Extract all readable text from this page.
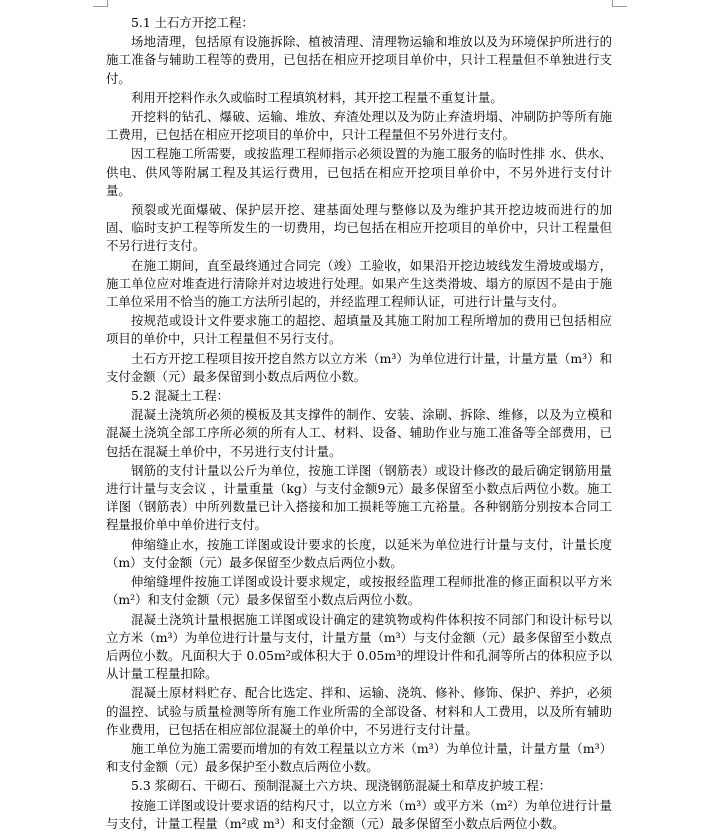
5.1 土石方开挖工程：

场地清理，包括原有设施拆除、植被清理、清理物运输和堆放以及为环境保护所进行的施工准备与辅助工程等的费用，已包括在相应开挖项目单价中，只计工程量但不单独进行支付。

利用开挖料作永久或临时工程填筑材料，其开挖工程量不重复计量。

开挖料的钻孔、爆破、运输、堆放、弃渣处理以及为防止弃渣坍塌、冲刷防护等所有施工费用，已包括在相应开挖项目的单价中，只计工程量但不另外进行支付。

因工程施工所需要，或按监理工程师指示必须设置的为施工服务的临时性排 水、供水、供电、供风等附属工程及其运行费用，已包括在相应开挖项目单价中，不另外进行支付计量。

预裂或光面爆破、保护层开挖、建基面处理与整修以及为维护其开挖边坡而进行的加固、临时支护工程等所发生的一切费用，均已包括在相应开挖项目的单价中，只计工程量但不另行进行支付。

在施工期间，直至最终通过合同完（竣）工验收，如果沿开挖边坡线发生滑坡或塌方，施工单位应对堆查进行清除并对边坡进行处理。如果产生这类滑坡、塌方的原因不是由于施工单位采用不恰当的施工方法所引起的，并经监理工程师认证，可进行计量与支付。

按规范或设计文件要求施工的超挖、超填量及其施工附加工程所增加的费用已包括相应项目的单价中，只计工程量但不另行支付。

土石方开挖工程项目按开挖自然方以立方米（m³）为单位进行计量，计量方量（m³）和支付金额（元）最多保留到小数点后两位小数。

5.2 混凝土工程：

混凝土浇筑所必须的模板及其支撑件的制作、安装、涂刷、拆除、维修，以及为立模和混凝土浇筑全部工序所必须的所有人工、材料、设备、辅助作业与施工准备等全部费用，已包括在混凝土单价中，不另进行支付计量。

钢筋的支付计量以公斤为单位，按施工详图（钢筋表）或设计修改的最后确定钢筋用量进行计量与支会议 ，计量重量（kg）与支付金额9元）最多保留至小数点后两位小数。施工详图（钢筋表）中所列数量已计入搭接和加工损耗等施工亢裕量。各种钢筋分别按本合同工程量报价单中单价进行支付。

伸缩缝止水，按施工详图或设计要求的长度，以延米为单位进行计量与支付，计量长度（m）支付金额（元）最多保留至少数点后两位小数。

伸缩缝埋件按施工详图或设计要求规定，或按报经监理工程师批准的修正面积以平方米（m²）和支付金额（元）最多保留至小数点后两位小数。

混凝土浇筑计量根据施工详图或设计确定的建筑物或构件体积按不同部门和设计标号以立方米（m³）为单位进行计量与支付，计量方量（m³）与支付金额（元）最多保留至小数点后两位小数。凡面积大于 0.05m²或体积大于 0.05m³的埋设计件和孔洞等所占的体积应予以从计量工程量扣除。

混凝土原材料贮存、配合比选定、拌和、运输、浇筑、修补、修饰、保护、养护，必须的温控、试验与质量检测等所有施工作业所需的全部设备、材料和人工费用，以及所有辅助作业费用，已包括在相应部位混凝土的单价中，不另进行支付计量。

施工单位为施工需要而增加的有效工程量以立方米（m³）为单位计量，计量方量（m³）和支付金额（元）最多保护至小数点后两位小数。

5.3 浆砌石、干砌石、预制混凝土六方块、现浇钢筋混凝土和草皮护坡工程：

按施工详图或设计要求语的结构尺寸，以立方米（m³）或平方米（m²）为单位进行计量与支付，计量工程量（m²或 m³）和支付金额（元）最多保留至小数点后两位小数。
